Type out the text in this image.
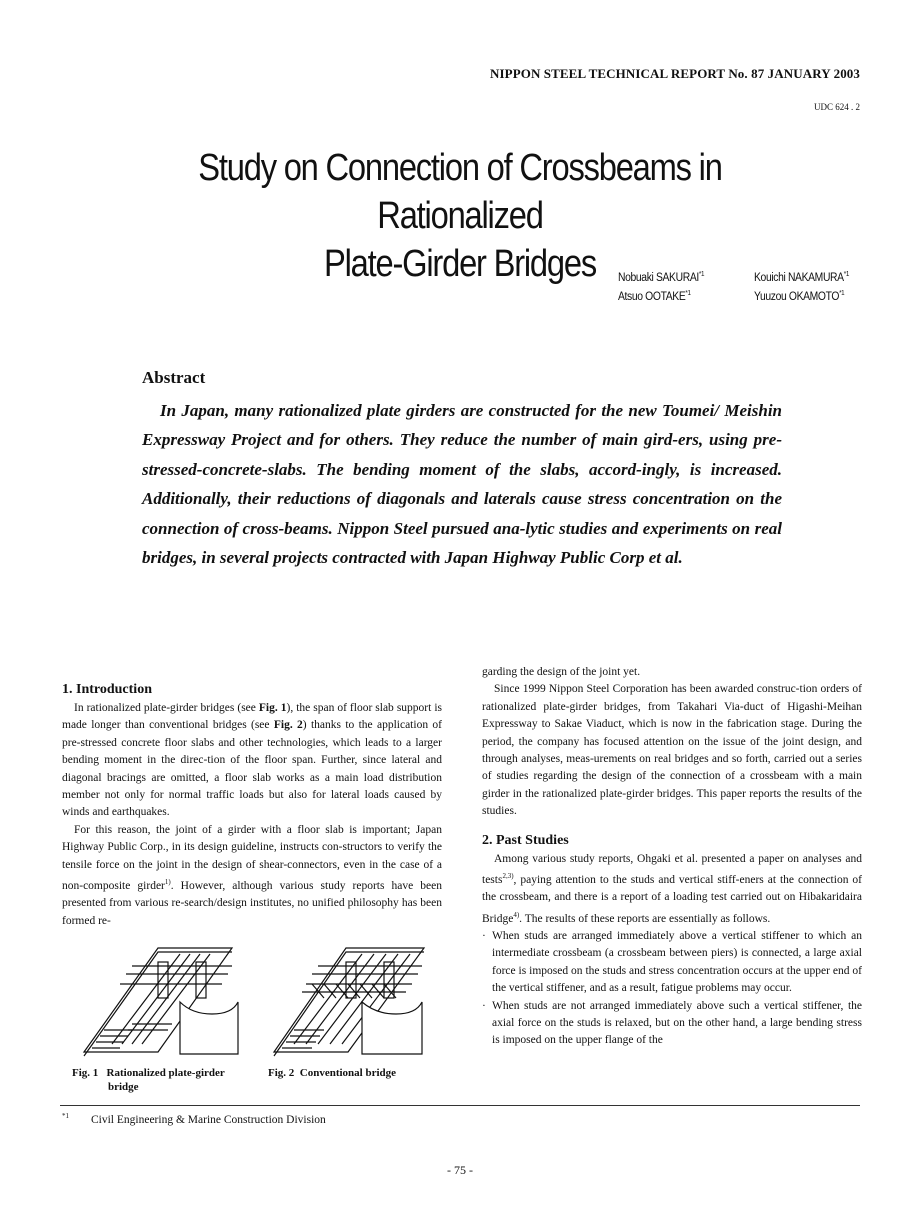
NIPPON STEEL TECHNICAL REPORT No. 87 JANUARY 2003
UDC 624 . 2
Study on Connection of Crossbeams in Rationalized
Plate-Girder Bridges	Nobuaki SAKURAI$^{*1}$	Kouichi NAKAMURA$^{*1}$
Atsuo OOTAKE$^{*1}$	Yuuzou OKAMOTO$^{*1}$
Abstract

In Japan, many rationalized plate girders are constructed for the new Toumei/ Meishin Expressway Project and for others. They reduce the number of main gird-ers, using pre-stressed-concrete-slabs. The bending moment of the slabs, accord-ingly, is increased. Additionally, their reductions of diagonals and laterals cause stress concentration on the connection of cross-beams. Nippon Steel pursued ana-lytic studies and experiments on real bridges, in several projects contracted with Japan Highway Public Corp et al.

1. Introduction

In rationalized plate-girder bridges (see Fig. 1), the span of floor slab support is made longer than conventional bridges (see Fig. 2) thanks to the application of pre-stressed concrete floor slabs and other technologies, which leads to a larger bending moment in the direc-tion of the floor span. Further, since lateral and diagonal bracings are omitted, a floor slab works as a main load distribution member not only for normal traffic loads but also for lateral loads caused by winds and earthquakes.

For this reason, the joint of a girder with a floor slab is important; Japan Highway Public Corp., in its design guideline, instructs con-structors to verify the tensile force on the joint in the design of shear-connectors, even in the case of a non-composite girder$^{1)}$. However, although various study reports have been presented from various re-search/design institutes, no unified philosophy has been formed re-

Fig. 1 Rationalized plate-girder
bridge
Fig. 2 Conventional bridge

garding the design of the joint yet.

Since 1999 Nippon Steel Corporation has been awarded construc-tion orders of rationalized plate-girder bridges, from Takahari Via-duct of Higashi-Meihan Expressway to Sakae Viaduct, which is now in the fabrication stage. During the period, the company has focused attention on the issue of the joint design, and through analyses, meas-urements on real bridges and so forth, carried out a series of studies regarding the design of the connection of a crossbeam with a main girder in the rationalized plate-girder bridges. This paper reports the results of the studies.

2. Past Studies

Among various study reports, Ohgaki et al. presented a paper on analyses and tests$^{2,3)}$, paying attention to the studs and vertical stiff-eners at the connection of the crossbeam, and there is a report of a loading test carried out on Hibakaridaira Bridge$^{4)}$. The results of these reports are essentially as follows.

· When studs are arranged immediately above a vertical stiffener to which an intermediate crossbeam (a crossbeam between piers) is connected, a large axial force is imposed on the studs and stress concentration occurs at the upper end of the vertical stiffener, and as a result, fatigue problems may occur.
· When studs are not arranged immediately above such a vertical stiffener, the axial force on the studs is relaxed, but on the other hand, a large bending stress is imposed on the upper flange of the
$^{*1}$ Civil Engineering & Marine Construction Division
- 75 -
